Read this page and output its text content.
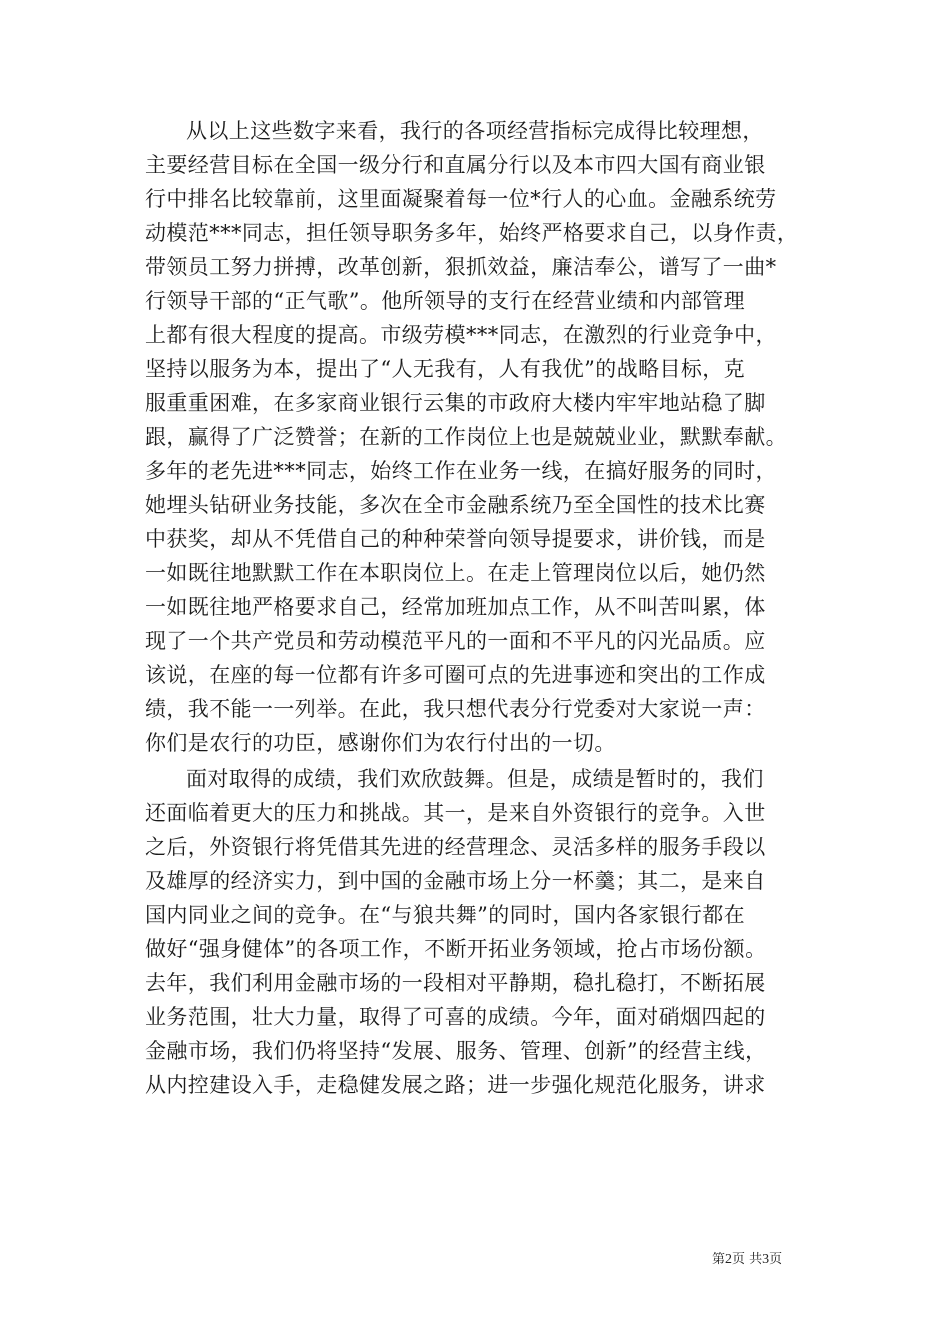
从以上这些数字来看，我行的各项经营指标完成得比较理想，
主要经营目标在全国一级分行和直属分行以及本市四大国有商业银
行中排名比较靠前，这里面凝聚着每一位*行人的心血。金融系统劳
动模范***同志，担任领导职务多年，始终严格要求自己，以身作责，
带领员工努力拼搏，改革创新，狠抓效益，廉洁奉公，谱写了一曲*
行领导干部的“正气歌”。他所领导的支行在经营业绩和内部管理
上都有很大程度的提高。市级劳模***同志，在激烈的行业竞争中，
坚持以服务为本，提出了“人无我有，人有我优”的战略目标，克
服重重困难，在多家商业银行云集的市政府大楼内牢牢地站稳了脚
跟，赢得了广泛赞誉；在新的工作岗位上也是兢兢业业，默默奉献。
多年的老先进***同志，始终工作在业务一线，在搞好服务的同时，
她埋头钻研业务技能，多次在全市金融系统乃至全国性的技术比赛
中获奖，却从不凭借自己的种种荣誉向领导提要求，讲价钱，而是
一如既往地默默工作在本职岗位上。在走上管理岗位以后，她仍然
一如既往地严格要求自己，经常加班加点工作，从不叫苦叫累，体
现了一个共产党员和劳动模范平凡的一面和不平凡的闪光品质。应
该说，在座的每一位都有许多可圈可点的先进事迹和突出的工作成
绩，我不能一一列举。在此，我只想代表分行党委对大家说一声：
你们是农行的功臣，感谢你们为农行付出的一切。
面对取得的成绩，我们欢欣鼓舞。但是，成绩是暂时的，我们
还面临着更大的压力和挑战。其一，是来自外资银行的竞争。入世
之后，外资银行将凭借其先进的经营理念、灵活多样的服务手段以
及雄厚的经济实力，到中国的金融市场上分一杯羹；其二，是来自
国内同业之间的竞争。在“与狼共舞”的同时，国内各家银行都在
做好“强身健体”的各项工作，不断开拓业务领域，抢占市场份额。
去年，我们利用金融市场的一段相对平静期，稳扎稳打，不断拓展
业务范围，壮大力量，取得了可喜的成绩。今年，面对硝烟四起的
金融市场，我们仍将坚持“发展、服务、管理、创新”的经营主线，
从内控建设入手，走稳健发展之路；进一步强化规范化服务，讲求
第2页 共3页
